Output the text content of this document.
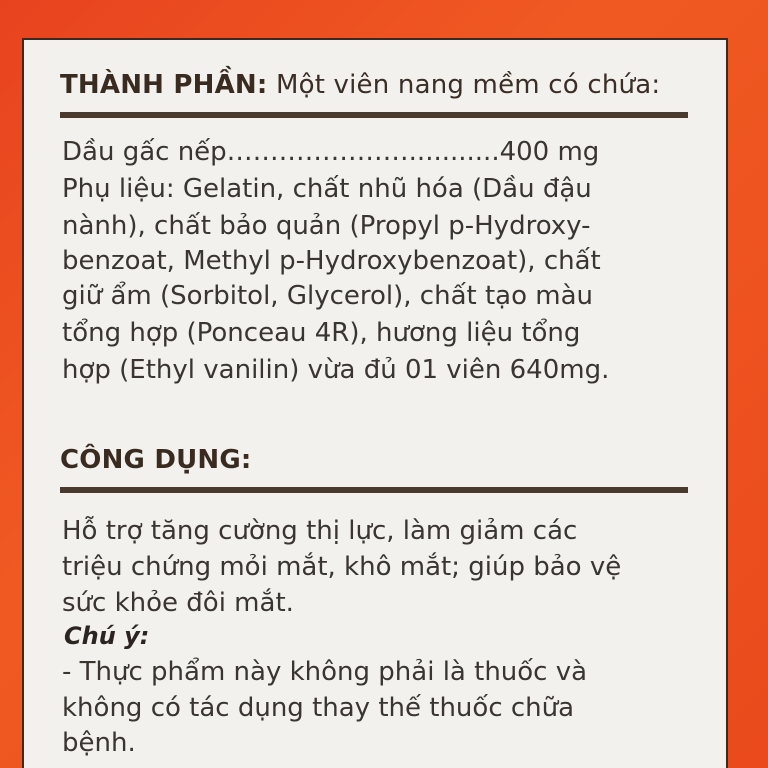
THÀNH PHẦN: Một viên nang mềm có chứa:
Dầu gấc nếp…………………...........400 mg
Phụ liệu: Gelatin, chất nhũ hóa (Dầu đậu
nành), chất bảo quản (Propyl p-Hydroxy-
benzoat, Methyl p-Hydroxybenzoat), chất
giữ ẩm (Sorbitol, Glycerol), chất tạo màu
tổng hợp (Ponceau 4R), hương liệu tổng
hợp (Ethyl vanilin) vừa đủ 01 viên 640mg.
CÔNG DỤNG:
Hỗ trợ tăng cường thị lực, làm giảm các
triệu chứng mỏi mắt, khô mắt; giúp bảo vệ
sức khỏe đôi mắt.
Chú ý:
- Thực phẩm này không phải là thuốc và
không có tác dụng thay thế thuốc chữa
bệnh.
